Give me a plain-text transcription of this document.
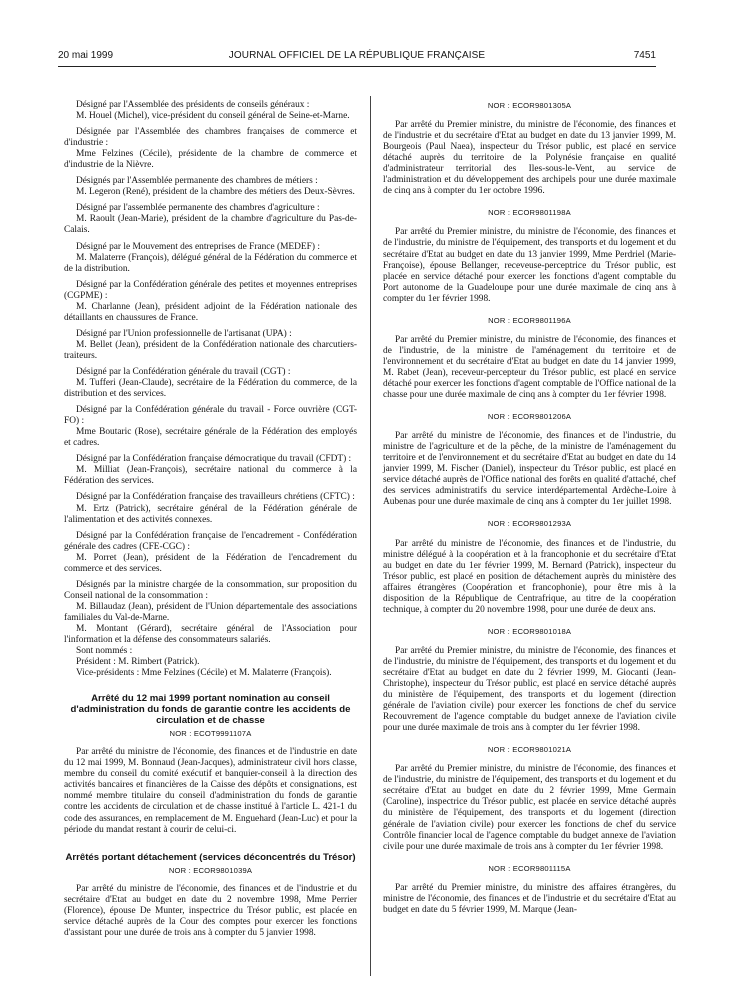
20 mai 1999	JOURNAL OFFICIEL DE LA RÉPUBLIQUE FRANÇAISE	7451

Désigné par l'Assemblée des présidents de conseils généraux :

M. Houel (Michel), vice-président du conseil général de Seine-et-Marne.

Désignée par l'Assemblée des chambres françaises de commerce et d'industrie :

Mme Felzines (Cécile), présidente de la chambre de commerce et d'industrie de la Nièvre.

Désignés par l'Assemblée permanente des chambres de métiers :

M. Legeron (René), président de la chambre des métiers des Deux-Sèvres.

Désigné par l'assemblée permanente des chambres d'agriculture :

M. Raoult (Jean-Marie), président de la chambre d'agriculture du Pas-de-Calais.

Désigné par le Mouvement des entreprises de France (MEDEF) :

M. Malaterre (François), délégué général de la Fédération du commerce et de la distribution.

Désigné par la Confédération générale des petites et moyennes entreprises (CGPME) :

M. Charlanne (Jean), président adjoint de la Fédération nationale des détaillants en chaussures de France.

Désigné par l'Union professionnelle de l'artisanat (UPA) :

M. Bellet (Jean), président de la Confédération nationale des charcutiers-traiteurs.

Désigné par la Confédération générale du travail (CGT) :

M. Tufferi (Jean-Claude), secrétaire de la Fédération du commerce, de la distribution et des services.

Désigné par la Confédération générale du travail - Force ouvrière (CGT-FO) :

Mme Boutaric (Rose), secrétaire générale de la Fédération des employés et cadres.

Désigné par la Confédération française démocratique du travail (CFDT) :

M. Milliat (Jean-François), secrétaire national du commerce à la Fédération des services.

Désigné par la Confédération française des travailleurs chrétiens (CFTC) :

M. Ertz (Patrick), secrétaire général de la Fédération générale de l'alimentation et des activités connexes.

Désigné par la Confédération française de l'encadrement - Confédération générale des cadres (CFE-CGC) :

M. Porret (Jean), président de la Fédération de l'encadrement du commerce et des services.

Désignés par la ministre chargée de la consommation, sur proposition du Conseil national de la consommation :

M. Billaudaz (Jean), président de l'Union départementale des associations familiales du Val-de-Marne.

M. Montant (Gérard), secrétaire général de l'Association pour l'information et la défense des consommateurs salariés.

Sont nommés :

Président : M. Rimbert (Patrick).

Vice-présidents : Mme Felzines (Cécile) et M. Malaterre (François).

Arrêté du 12 mai 1999 portant nomination au conseil d'administration du fonds de garantie contre les accidents de circulation et de chasse

NOR : ECOT9991107A

Par arrêté du ministre de l'économie, des finances et de l'industrie en date du 12 mai 1999, M. Bonnaud (Jean-Jacques), administrateur civil hors classe, membre du conseil du comité exécutif et banquier-conseil à la direction des activités bancaires et financières de la Caisse des dépôts et consignations, est nommé membre titulaire du conseil d'administration du fonds de garantie contre les accidents de circulation et de chasse institué à l'article L. 421-1 du code des assurances, en remplacement de M. Enguehard (Jean-Luc) et pour la période du mandat restant à courir de celui-ci.

Arrêtés portant détachement (services déconcentrés du Trésor)

NOR : ECOR9801039A

Par arrêté du ministre de l'économie, des finances et de l'industrie et du secrétaire d'Etat au budget en date du 2 novembre 1998, Mme Perrier (Florence), épouse De Munter, inspectrice du Trésor public, est placée en service détaché auprès de la Cour des comptes pour exercer les fonctions d'assistant pour une durée de trois ans à compter du 5 janvier 1998.

NOR : ECOR9801305A

Par arrêté du Premier ministre, du ministre de l'économie, des finances et de l'industrie et du secrétaire d'Etat au budget en date du 13 janvier 1999, M. Bourgeois (Paul Naea), inspecteur du Trésor public, est placé en service détaché auprès du territoire de la Polynésie française en qualité d'administrateur territorial des Iles-sous-le-Vent, au service de l'administration et du développement des archipels pour une durée maximale de cinq ans à compter du 1er octobre 1996.

NOR : ECOR9801198A

Par arrêté du Premier ministre, du ministre de l'économie, des finances et de l'industrie, du ministre de l'équipement, des transports et du logement et du secrétaire d'Etat au budget en date du 13 janvier 1999, Mme Perdriel (Marie-Françoise), épouse Bellanger, receveuse-perceptrice du Trésor public, est placée en service détaché pour exercer les fonctions d'agent comptable du Port autonome de la Guadeloupe pour une durée maximale de cinq ans à compter du 1er février 1998.

NOR : ECOR9801196A

Par arrêté du Premier ministre, du ministre de l'économie, des finances et de l'industrie, de la ministre de l'aménagement du territoire et de l'environnement et du secrétaire d'Etat au budget en date du 14 janvier 1999, M. Rabet (Jean), receveur-percepteur du Trésor public, est placé en service détaché pour exercer les fonctions d'agent comptable de l'Office national de la chasse pour une durée maximale de cinq ans à compter du 1er février 1998.

NOR : ECOR9801206A

Par arrêté du ministre de l'économie, des finances et de l'industrie, du ministre de l'agriculture et de la pêche, de la ministre de l'aménagement du territoire et de l'environnement et du secrétaire d'Etat au budget en date du 14 janvier 1999, M. Fischer (Daniel), inspecteur du Trésor public, est placé en service détaché auprès de l'Office national des forêts en qualité d'attaché, chef des services administratifs du service interdépartemental Ardèche-Loire à Aubenas pour une durée maximale de cinq ans à compter du 1er juillet 1998.

NOR : ECOR9801293A

Par arrêté du ministre de l'économie, des finances et de l'industrie, du ministre délégué à la coopération et à la francophonie et du secrétaire d'Etat au budget en date du 1er février 1999, M. Bernard (Patrick), inspecteur du Trésor public, est placé en position de détachement auprès du ministère des affaires étrangères (Coopération et francophonie), pour être mis à la disposition de la République de Centrafrique, au titre de la coopération technique, à compter du 20 novembre 1998, pour une durée de deux ans.

NOR : ECOR9801018A

Par arrêté du Premier ministre, du ministre de l'économie, des finances et de l'industrie, du ministre de l'équipement, des transports et du logement et du secrétaire d'Etat au budget en date du 2 février 1999, M. Giocanti (Jean-Christophe), inspecteur du Trésor public, est placé en service détaché auprès du ministère de l'équipement, des transports et du logement (direction générale de l'aviation civile) pour exercer les fonctions de chef du service Recouvrement de l'agence comptable du budget annexe de l'aviation civile pour une durée maximale de trois ans à compter du 1er février 1998.

NOR : ECOR9801021A

Par arrêté du Premier ministre, du ministre de l'économie, des finances et de l'industrie, du ministre de l'équipement, des transports et du logement et du secrétaire d'Etat au budget en date du 2 février 1999, Mme Germain (Caroline), inspectrice du Trésor public, est placée en service détaché auprès du ministère de l'équipement, des transports et du logement (direction générale de l'aviation civile) pour exercer les fonctions de chef du service Contrôle financier local de l'agence comptable du budget annexe de l'aviation civile pour une durée maximale de trois ans à compter du 1er février 1998.

NOR : ECOR9801115A

Par arrêté du Premier ministre, du ministre des affaires étrangères, du ministre de l'économie, des finances et de l'industrie et du secrétaire d'Etat au budget en date du 5 février 1999, M. Marque (Jean-
